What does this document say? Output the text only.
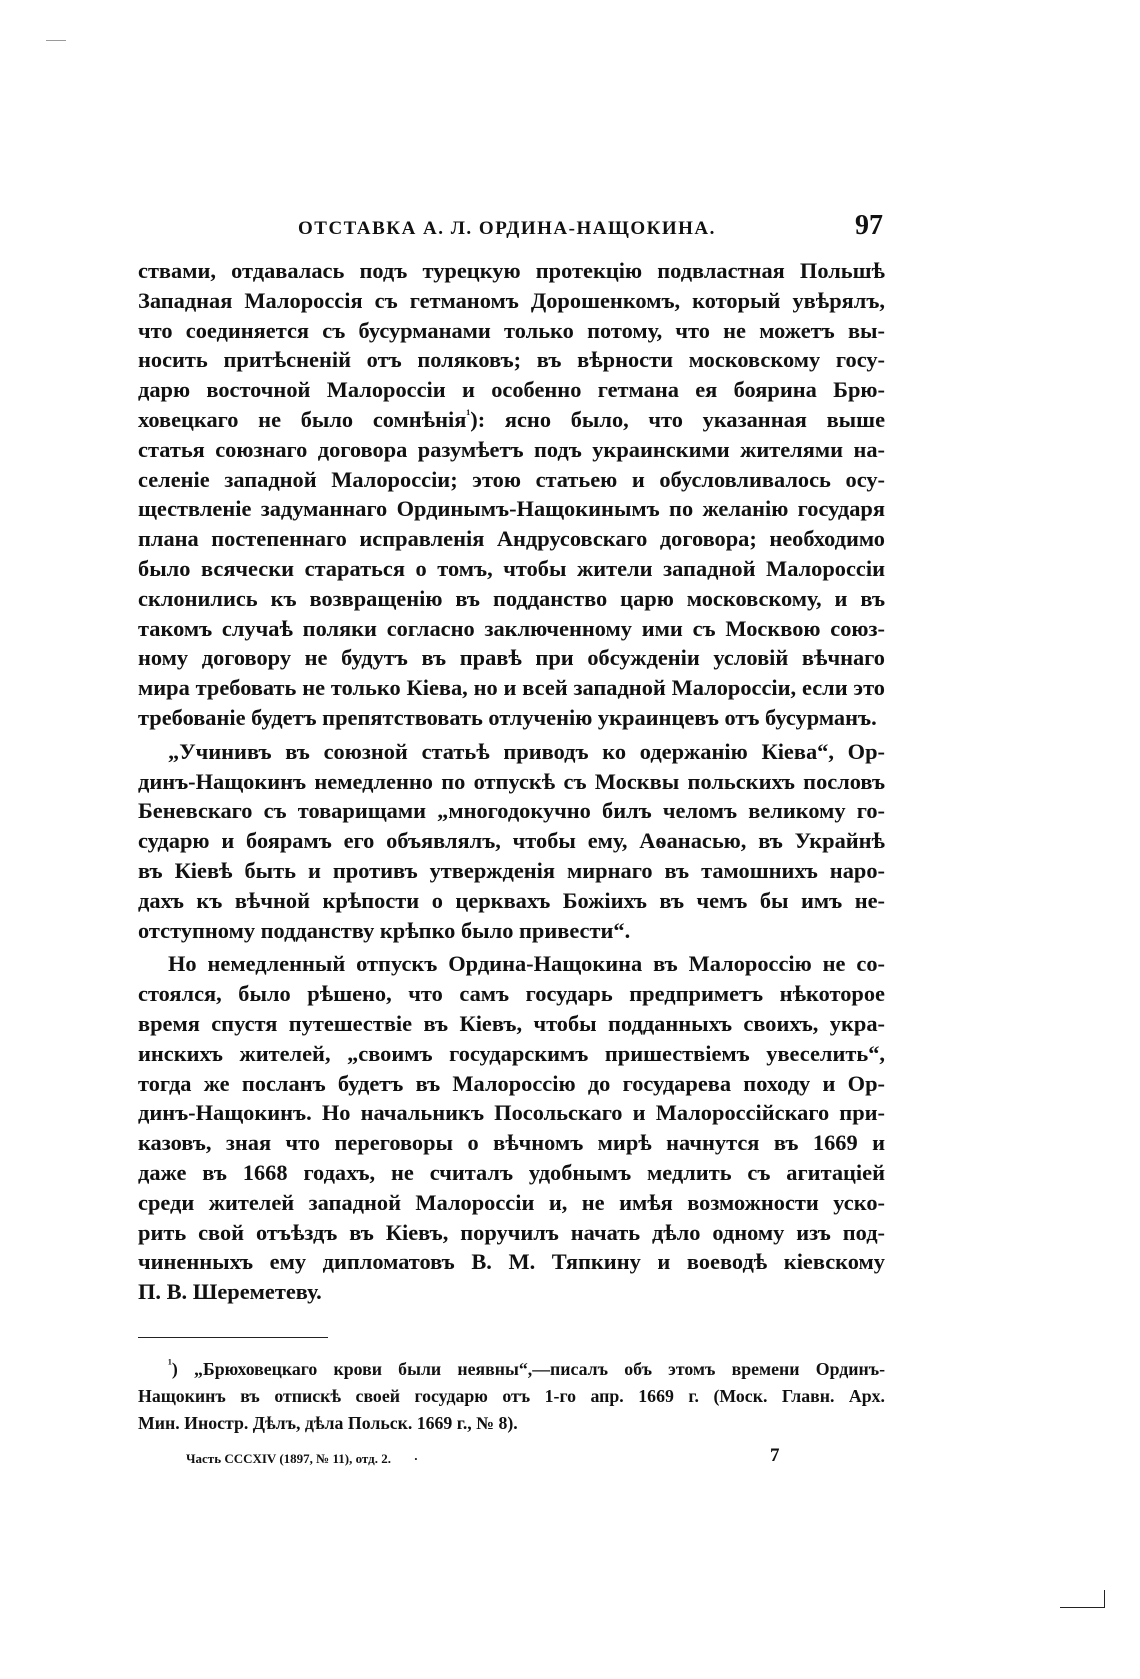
ОТСТАВКА А. Л. ОРДИНА-НАЩОКИНА.	97

ствами, отдавалась подъ турецкую протекцію подвластная Польшѣ

Западная Малороссія съ гетманомъ Дорошенкомъ, который увѣрялъ,

что соединяется съ бусурманами только потому, что не можетъ вы-

носить притѣсненій отъ поляковъ; въ вѣрности московскому госу-

дарю восточной Малороссіи и особенно гетмана ея боярина Брю-

ховецкаго не было сомнѣнія$^{^1}$): ясно было, что указанная выше

статья союзнаго договора разумѣетъ подъ украинскими жителями на-

селеніе западной Малороссіи; этою статьею и обусловливалось осу-

ществленіе задуманнаго Ординымъ-Нащокинымъ по желанію государя

плана постепеннаго исправленія Андрусовскаго договора; необходимо

было всячески стараться о томъ, чтобы жители западной Малороссіи

склонились къ возвращенію въ подданство царю московскому, и въ

такомъ случаѣ поляки согласно заключенному ими съ Москвою союз-

ному договору не будутъ въ правѣ при обсужденіи условій вѣчнаго

мира требовать не только Кіева, но и всей западной Малороссіи, если это

требованіе будетъ препятствовать отлученію украинцевъ отъ бусурманъ.

„Учинивъ въ союзной статьѣ приводъ ко одержанію Кіева“, Ор-

динъ-Нащокинъ немедленно по отпускѣ съ Москвы польскихъ пословъ

Беневскаго съ товарищами „многодокучно билъ челомъ великому го-

сударю и боярамъ его объявлялъ, чтобы ему, Аѳанасью, въ Украйнѣ

въ Кіевѣ быть и противъ утвержденія мирнаго въ тамошнихъ наро-

дахъ къ вѣчной крѣпости о церквахъ Божіихъ въ чемъ бы имъ не-

отступному подданству крѣпко было привести“.

Но немедленный отпускъ Ордина-Нащокина въ Малороссію не со-

стоялся, было рѣшено, что самъ государь предприметъ нѣкоторое

время спустя путешествіе въ Кіевъ, чтобы подданныхъ своихъ, укра-

инскихъ жителей, „своимъ государскимъ пришествіемъ увеселить“,

тогда же посланъ будетъ въ Малороссію до государева походу и Ор-

динъ-Нащокинъ. Но начальникъ Посольскаго и Малороссійскаго при-

казовъ, зная что переговоры о вѣчномъ мирѣ начнутся въ 1669 и

даже въ 1668 годахъ, не считалъ удобнымъ медлить съ агитаціей

среди жителей западной Малороссіи и, не имѣя возможности уско-

рить свой отъѣздъ въ Кіевъ, поручилъ начать дѣло одному изъ под-

чиненныхъ ему дипломатовъ В. М. Тяпкину и воеводѣ кіевскому

П. В. Шереметеву.

$^{^1}$) „Брюховецкаго крови были неявны“,—писалъ объ этомъ времени Ординъ-

Нащокинъ въ отпискѣ своей государю отъ 1-го апр. 1669 г. (Моск. Главн. Арх.

Мин. Иностр. Дѣлъ, дѣла Польск. 1669 г., № 8).

Часть CCCXIV (1897, № 11), отд. 2. ·	7
